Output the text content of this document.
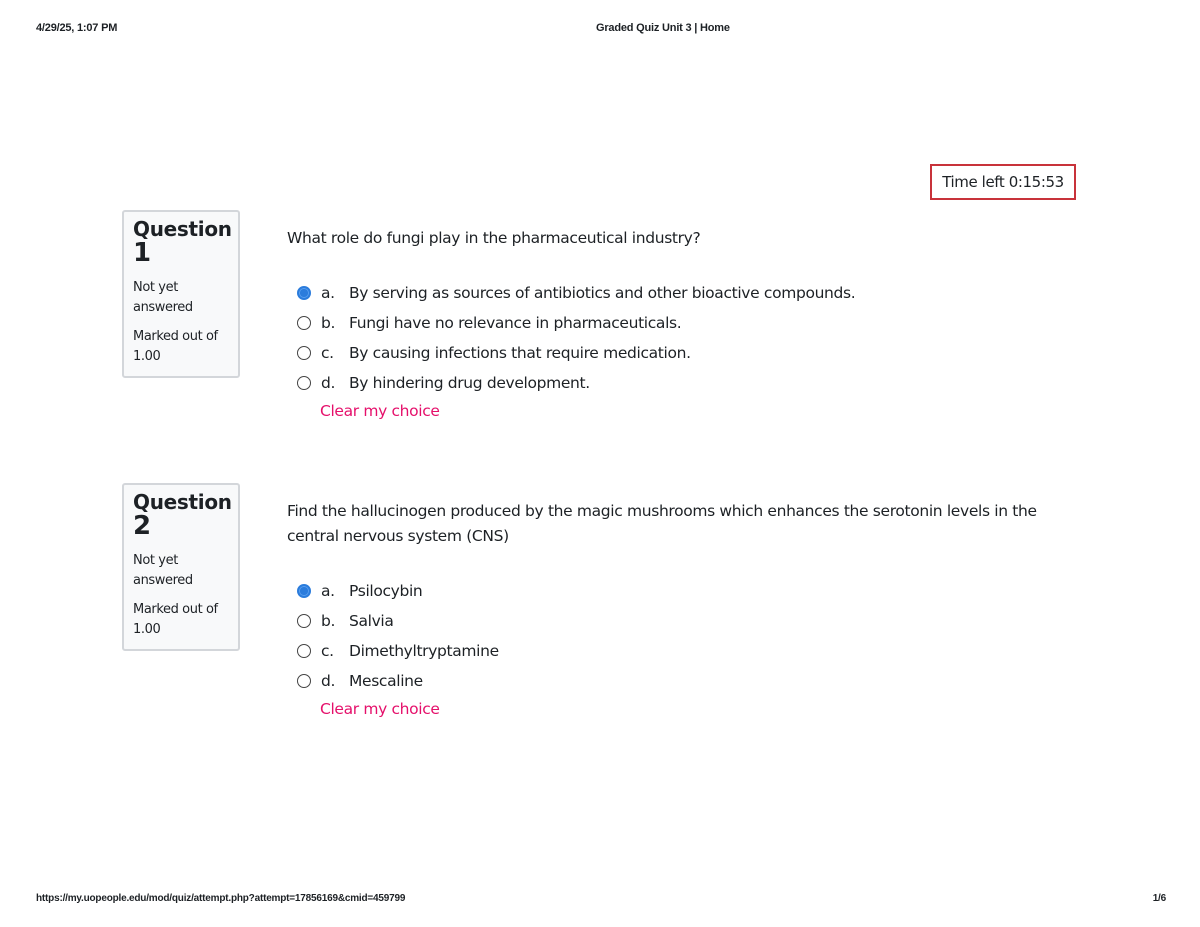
4/29/25, 1:07 PM	Graded Quiz Unit 3 | Home
Time left 0:15:53
Question
1
Not yet answered
Marked out of 1.00

What role do fungi play in the pharmaceutical industry?

a. By serving as sources of antibiotics and other bioactive compounds.
b. Fungi have no relevance in pharmaceuticals.
c. By causing infections that require medication.
d. By hindering drug development.
Clear my choice
Question
2
Not yet answered
Marked out of 1.00

Find the hallucinogen produced by the magic mushrooms which enhances the serotonin levels in the central nervous system (CNS)

a. Psilocybin
b. Salvia
c. Dimethyltryptamine
d. Mescaline
Clear my choice
https://my.uopeople.edu/mod/quiz/attempt.php?attempt=17856169&cmid=459799	1/6
